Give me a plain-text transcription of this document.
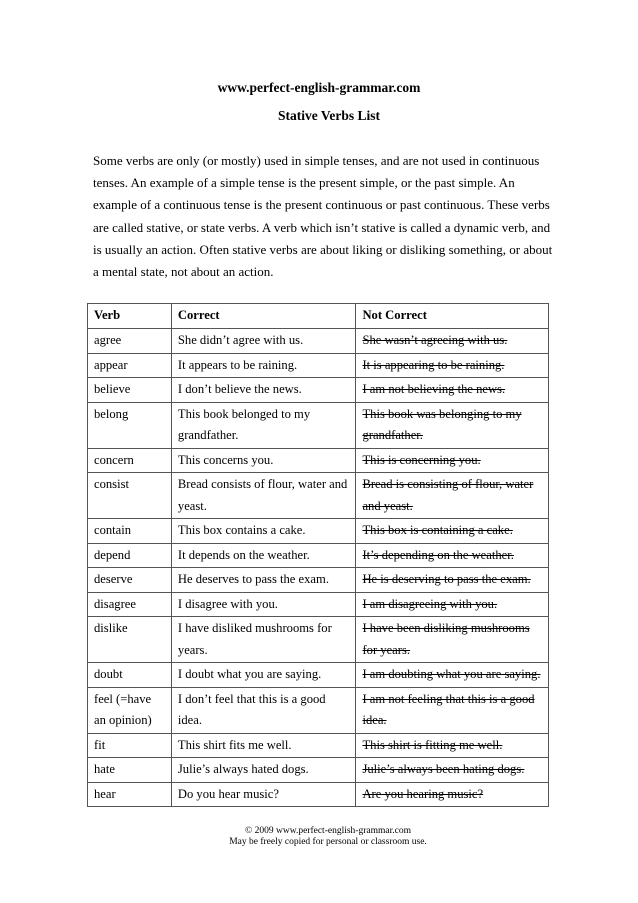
www.perfect-english-grammar.com
Stative Verbs List

Some verbs are only (or mostly) used in simple tenses, and are not used in continuous tenses. An example of a simple tense is the present simple, or the past simple. An example of a continuous tense is the present continuous or past continuous. These verbs are called stative, or state verbs. A verb which isn’t stative is called a dynamic verb, and is usually an action. Often stative verbs are about liking or disliking something, or about a mental state, not about an action.

Verb	Correct	Not Correct
agree	She didn’t agree with us.	She wasn’t agreeing with us.
appear	It appears to be raining.	It is appearing to be raining.
believe	I don’t believe the news.	I am not believing the news.
belong	This book belonged to my grandfather.	This book was belonging to my grandfather.
concern	This concerns you.	This is concerning you.
consist	Bread consists of flour, water and yeast.	Bread is consisting of flour, water and yeast.
contain	This box contains a cake.	This box is containing a cake.
depend	It depends on the weather.	It’s depending on the weather.
deserve	He deserves to pass the exam.	He is deserving to pass the exam.
disagree	I disagree with you.	I am disagreeing with you.
dislike	I have disliked mushrooms for years.	I have been disliking mushrooms for years.
doubt	I doubt what you are saying.	I am doubting what you are saying.
feel (=have an opinion)	I don’t feel that this is a good idea.	I am not feeling that this is a good idea.
fit	This shirt fits me well.	This shirt is fitting me well.
hate	Julie’s always hated dogs.	Julie’s always been hating dogs.
hear	Do you hear music?	Are you hearing music?
© 2009 www.perfect-english-grammar.com
May be freely copied for personal or classroom use.
